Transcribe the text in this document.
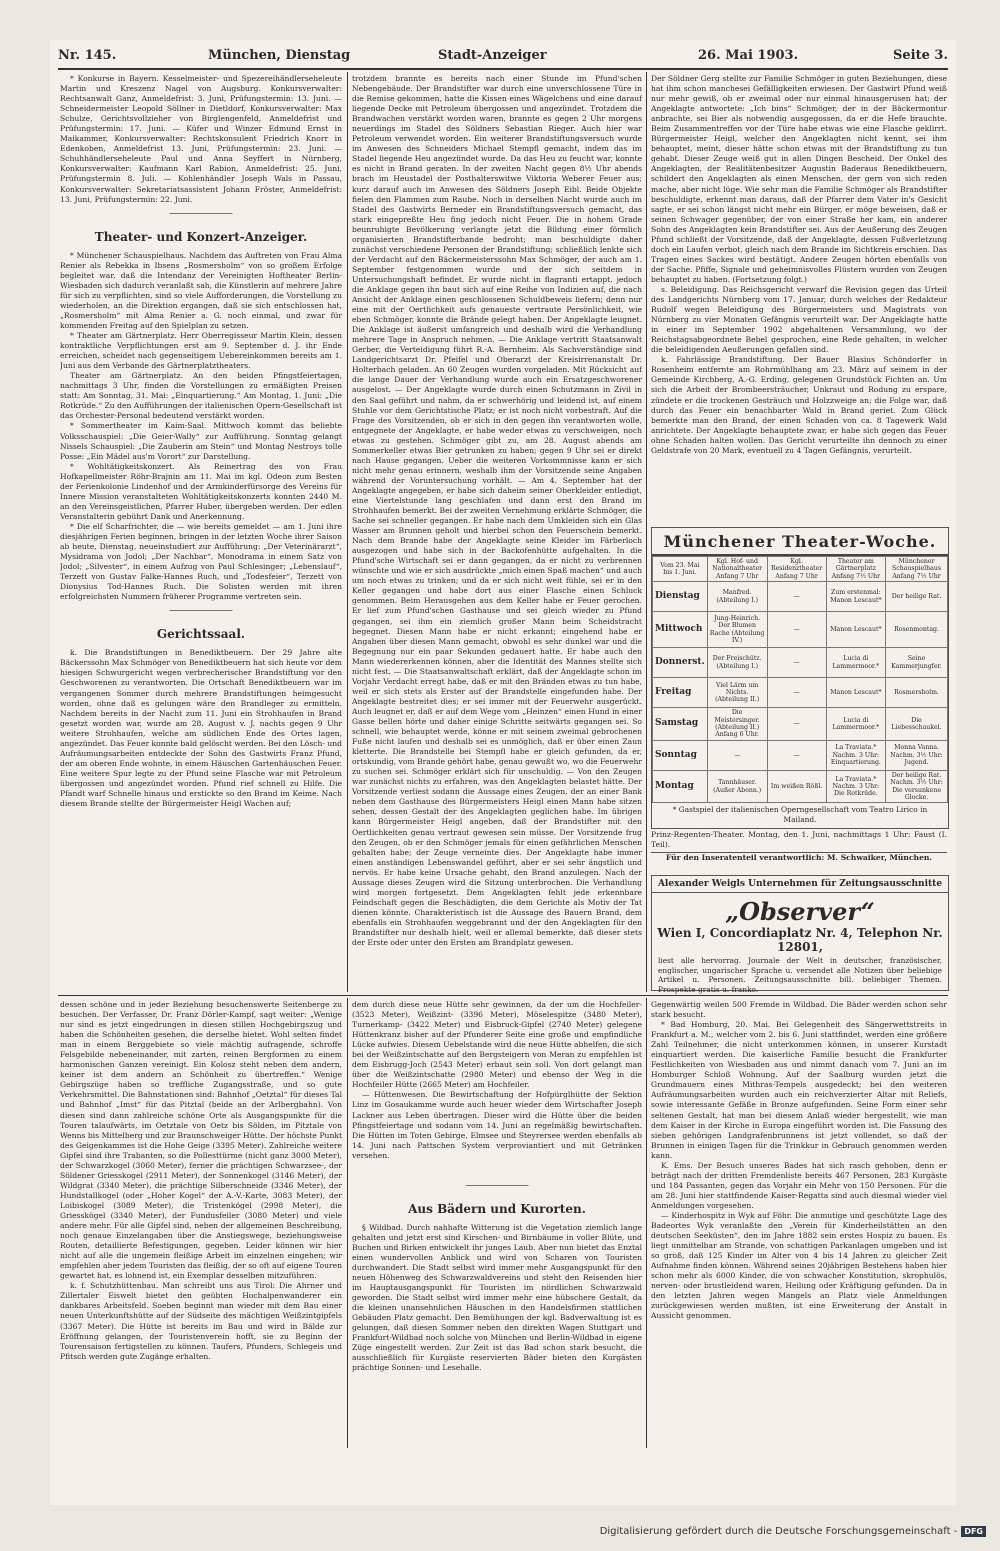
Nr. 145.	München, Dienstag	Stadt-Anzeiger	26. Mai 1903.	Seite 3.

* Konkurse in Bayern. Kesselmeister- und Spezereihändlerseheleute Martin und Kreszenz Nagel von Augsburg. Konkursverwalter: Rechtsanwalt Ganz, Anmeldefrist: 3. Juni, Prüfungstermin: 13. Juni. — Schneidermeister Leopold Söllner in Dietldorf, Konkursverwalter: Max Schulze, Gerichtsvollzieher von Birglengenfeld, Anmeldefrist und Prüfungstermin: 17. Juni. — Küfer und Winzer Edmund Ernst in Maikammer, Konkursverwalter: Rechtskonsulent Friedrich Knorr in Edenkoben, Anmeldefrist 13. Juni, Prüfungstermin: 23. Juni. — Schuhhändlerseheleute Paul und Anna Seyffert in Nürnberg, Konkursverwalter: Kaufmann Karl Rabion, Anmeldefrist: 25. Juni, Prüfungstermin 8. Juli. — Kohlenhändler Joseph Wals in Passau, Konkursverwalter: Sekretariatsassistent Johann Fröster, Anmeldefrist: 13. Juni, Prüfungstermin: 22. Juni.

―――――――

Theater- und Konzert-Anzeiger.

* Münchener Schauspielhaus. Nachdem das Auftreten von Frau Alma Renier als Rebekka in Ibsens „Rosmersholm“ von so großem Erfolge begleitet war, daß die Intendanz der Vereinigten Hoftheater Berlin-Wiesbaden sich dadurch veranlaßt sah, die Künstlerin auf mehrere Jahre für sich zu verpflichten, sind so viele Aufforderungen, die Vorstellung zu wiederholen, an die Direktion ergangen, daß sie sich entschlossen hat, „Rosmersholm“ mit Alma Renier a. G. noch einmal, und zwar für kommenden Freitag auf den Spielplan zu setzen.

* Theater am Gärtnerplatz. Herr Oberregisseur Martin Klein, dessen kontraktliche Verpflichtungen erst am 9. September d. J. ihr Ende erreichen, scheidet nach gegenseitigem Uebereinkommen bereits am 1. Juni aus dem Verbande des Gärtnerplatztheaters.

Theater am Gärtnerplatz. An den beiden Pfingstfeiertagen, nachmittags 3 Uhr, finden die Vorstellungen zu ermäßigten Preisen statt: Am Sonntag, 31. Mai: „Einquartierung.“ Am Montag, 1. Juni: „Die Rotkrüde.“ Zu den Aufführungen der italienischen Opern-Gesellschaft ist das Orchester-Personal bedeutend verstärkt worden.

* Sommertheater im Kaim-Saal. Mittwoch kommt das beliebte Volksschauspiel: „Die Geier-Wally“ zur Aufführung. Sonntag gelangt Nissels Schauspiel: „Die Zauberin am Stein“ und Montag Nestroys tolle Posse: „Ein Mädel aus'm Vorort“ zur Darstellung.

* Wohltätigkeitskonzert. Als Reinertrag des von Frau Hofkapellmeister Röhr-Brajnin am 11. Mai im kgl. Odeon zum Besten der Ferienkolonie Lindenhof und der Armkinderfürsorge des Vereins für Innere Mission veranstalteten Wohltätigkeitskonzerts konnten 2440 M. an den Vereinsgeistlichen, Pfarrer Huber, übergeben werden. Der edlen Veranstalterin gebührt Dank und Anerkennung.

* Die elf Scharfrichter, die — wie bereits gemeldet — am 1. Juni ihre diesjährigen Ferien beginnen, bringen in der letzten Woche ihrer Saison ab heute, Dienstag, neueinstudiert zur Aufführung: „Der Veterinärarzt“, Mysidrama von Jodol; „Der Nachbar“, Monodrama in einem Satz von Jodol; „Silvester“, in einem Aufzug von Paul Schlesinger; „Lebenslauf“, Terzett von Gustav Falke-Hannes Ruch, und „Todesfeier“, Terzett von Dionysius Tod-Hannes Ruch. Die Solisten werden mit ihren erfolgreichsten Nummern früherer Programme vertreten sein.

―――――――

Gerichtssaal.

k. Die Brandstiftungen in Benediktbeuern. Der 29 Jahre alte Bäckerssohn Max Schmöger von Benediktbeuern hat sich heute vor dem hiesigen Schwurgericht wegen verbrecherischer Brandstiftung vor den Geschworenen zu verantworten. Die Ortschaft Benediktbeuern war im vergangenen Sommer durch mehrere Brandstiftungen heimgesucht worden, ohne daß es gelungen wäre den Brandleger zu ermitteln. Nachdem bereits in der Nacht zum 11. Juni ein Strohhaufen in Brand gesetzt worden war, wurde am 28. August v. J. nachts gegen 9 Uhr weitere Strohhaufen, welche am südlichen Ende des Ortes lagen, angezündet. Das Feuer konnte bald gelöscht werden. Bei den Lösch- und Aufräumungsarbeiten entdeckte der Sohn des Gastwirts Franz Pfund, der am oberen Ende wohnte, in einem Häuschen Gartenhäuschen Feuer. Eine weitere Spur legte zu der Pfund seine Flasche war mit Petroleum übergossen und angezündet worden. Pfund rief schnell zu Hilfe. Die Pfandt warf Schnelle hinaus und erstickte so den Brand im Keime. Nach diesem Brande stellte der Bürgermeister Heigl Wachen auf;

trotzdem brannte es bereits nach einer Stunde im Pfund'schen Nebengebäude. Der Brandstifter war durch eine unverschlossene Türe in die Remise gekommen, hatte die Kissen eines Wägelchens und eine darauf liegende Decke mit Petroleum übergossen und angezündet. Trotzdem die Brandwachen verstärkt worden waren, brannte es gegen 2 Uhr morgens neuerdings im Stadel des Söldners Sebastian Rieger. Auch hier war Petroleum verwendet worden. Ein weiterer Brandstiftungsversuch wurde im Anwesen des Schneiders Michael Stempfl gemacht, indem das im Stadel liegende Heu angezündet wurde. Da das Heu zu feucht war, konnte es nicht in Brand geraten. In der zweiten Nacht gegen 8½ Uhr abends brach im Heustadel der Posthalterswitwe Viktoria Weberer Feuer aus; kurz darauf auch im Anwesen des Söldners Joseph Eibl. Beide Objekte fielen den Flammen zum Raube. Noch in derselben Nacht wurde auch im Stadel des Gastwirts Berneder ein Brandstiftungsversuch gemacht, das stark eingepreßte Heu fing jedoch nicht Feuer. Die in hohem Grade beunruhigte Bevölkerung verlangte jetzt die Bildung einer förmlich organisierten Brandstifterbande bedroht; man beschuldigte daher zunächst verschiedene Personen der Brandstiftung; schließlich lenkte sich der Verdacht auf den Bäckermeisterssohn Max Schmöger, der auch am 1. September festgenommen wurde und der sich seitdem in Untersuchungshaft befindet. Er wurde nicht in flagranti ertappt, jedoch die Anklage gegen ihn baut sich auf eine Reihe von Indizien auf, die nach Ansicht der Anklage einen geschlossenen Schuldbeweis liefern; denn nur eine mit der Oertlichkeit aufs genaueste vertraute Persönlichkeit, wie eben Schmöger, konnte die Brände gelegt haben. Der Angeklagte leugnet. Die Anklage ist äußerst umfangreich und deshalb wird die Verhandlung mehrere Tage in Anspruch nehmen. — Die Anklage vertritt Staatsanwalt Gerber, die Verteidigung führt R.-A. Bernheim. Als Sachverständige sind Landgerichtsarzt Dr. Pfeifel und Oberarzt der Kreisirrenanstalt Dr. Holterbach geladen. An 60 Zeugen wurden vorgeladen. Mit Rücksicht auf die lange Dauer der Verhandlung wurde auch ein Ersatzgeschworener ausgelost. — Der Angeklagte wurde durch einen Schutzmann in Zivil in den Saal geführt und nahm, da er schwerhörig und leidend ist, auf einem Stuhle vor dem Gerichtstische Platz; er ist noch nicht vorbestraft. Auf die Frage des Vorsitzenden, ob er sich in den gegen ihn verantworten wolle, entgegnete der Angeklagte, er habe weder etwas zu verschweigen, noch etwas zu gestehen. Schmöger gibt zu, am 28. August abends am Sommerkeller etwas Bier getrunken zu haben; gegen 9 Uhr sei er direkt nach Hause gegangen. Ueber die weiteren Vorkommnisse kann er sich nicht mehr genau erinnern, weshalb ihm der Vorsitzende seine Angaben während der Voruntersuchung vorhält. — Am 4. September hat der Angeklagte angegeben, er habe sich daheim seiner Oberkleider entledigt, eine Viertelstunde lang geschlafen und dann erst den Brand im Strohhaufen bemerkt. Bei der zweiten Vernehmung erklärte Schmöger, die Sache sei schneller gegangen. Er habe nach dem Umkleiden sich ein Glas Wasser am Brunnen geholt und hierbei schon den Feuerschein bemerkt. Nach dem Brande habe der Angeklagte seine Kleider im Färberloch ausgezogen und habe sich in der Backofenhütte aufgehalten. In die Pfund'sche Wirtschaft sei er dann gegangen, da er nicht zu verbrennen wünschte und wie er sich ausdrückte „mich einen Spaß machen“ und auch um noch etwas zu trinken; und da er sich nicht weit fühle, sei er in den Keller gegangen und habe dort aus einer Flasche einen Schluck genommen. Beim Herausgehen aus dem Keller habe er Feuer gerochen. Er lief zum Pfund'schen Gasthause und sei gleich wieder zu Pfund gegangen, sei ihm ein ziemlich großer Mann beim Scheidstracht begegnet. Diesen Mann habe er nicht erkannt; eingehend habe er Angaben über diesen Mann gemacht, obwohl es sehr dunkel war und die Begegnung nur ein paar Sekunden gedauert hatte. Er habe auch den Mann wiedererkennen können, aber die Identität des Mannes stellte sich nicht fest. — Die Staatsanwaltschaft erklärt, daß der Angeklagte schon im Vorjahr Verdacht erregt habe, daß er mit den Bränden etwas zu tun habe, weil er sich stets als Erster auf der Brandstelle eingefunden habe. Der Angeklagte bestreitet dies; er sei immer mit der Feuerwehr ausgerückt. Auch leugnet er, daß er auf dem Wege vom „Heinzen“ einen Hund in einer Gasse bellen hörte und daher einige Schritte seitwärts gegangen sei. So schnell, wie behauptet werde, könne er mit seinem zweimal gebrochenen Fuße nicht laufen und deshalb sei es unmöglich, daß er über einen Zaun kletterte. Die Brandstelle bei Stempfl habe er gleich gefunden, da er, ortskundig, vom Brande gehört habe, genau gewußt wo, wo die Feuerwehr zu suchen sei. Schmöger erklärt sich für unschuldig. — Von den Zeugen war zunächst nichts zu erfahren, was den Angeklagten belastet hätte. Der Vorsitzende verliest sodann die Aussage eines Zeugen, der an einer Bank neben dem Gasthause des Bürgermeisters Heigl einen Mann habe sitzen sehen, dessen Gestalt der des Angeklagten geglichen habe. Im übrigen kann Bürgermeister Heigl angeben, daß der Brandstifter mit den Oertlichkeiten genau vertraut gewesen sein müsse. Der Vorsitzende frug den Zeugen, ob er den Schmöger jemals für einen gefährlichen Menschen gehalten habe; der Zeuge verneinte dies. Der Angeklagte habe immer einen anständigen Lebenswandel geführt, aber er sei sehr ängstlich und nervös. Er habe keine Ursache gehabt, den Brand anzulegen. Nach der Aussage dieses Zeugen wird die Sitzung unterbrochen. Die Verhandlung wird morgen fortgesetzt. Dem Angeklagten fehlt jede erkennbare Feindschaft gegen die Beschädigten, die dem Gerichte als Motiv der Tat dienen könnte. Charakteristisch ist die Aussage des Bauern Brand, dem ebenfalls ein Strohhaufen weggebrannt und der den Angeklagten für den Brandstifter nur deshalb hielt, weil er allemal bemerkte, daß dieser stets der Erste oder unter den Ersten am Brandplatz gewesen.

Der Söldner Gerg stellte zur Familie Schmöger in guten Beziehungen, diese hat ihm schon manchesei Gefälligkeiten erwiesen. Der Gastwirt Pfund weiß nur mehr gewiß, ob er zweimal oder nur einmal hinausgerusen hat; der Angeklagte antwortete: „Ich bins“ Schmöger, der in der Bäckermontur anbrachte, sei Bier als notwendig ausgegossen, da er die Hefe brauchte. Beim Zusammentreffen vor der Türe habe etwas wie eine Flasche geklirrt. Bürgermeister Heigl, welcher den Angeklagten nicht kennt, sei ihm behauptet, meint, dieser hätte schon etwas mit der Brandstiftung zu tun gehabt. Dieser Zeuge weiß gut in allen Dingen Bescheid. Der Onkel des Angeklagten, der Realitätenbesitzer Augustin Baderaus Benediktbeuern, schildert den Angeklagten als einen Menschen, der gern von sich reden mache, aber nicht lüge. Wie sehr man die Familie Schmöger als Brandstifter beschuldigte, erkennt man daraus, daß der Pfarrer dem Vater in's Gesicht sagte, er sei schon längst nicht mehr ein Bürger, er möge beweisen, daß er seinen Schwager gegenüber, der von einer Straße her kam, ein anderer Sohn des Angeklagten kein Brandstifter sei. Aus der Aeußerung des Zeugen Pfund schließt der Vorsitzende, daß der Angeklagte, dessen Fußverletzung doch ein Laufen verbot, gleich nach dem Brande im Sichtkreis erschien. Das Tragen eines Sackes wird bestätigt. Andere Zeugen hörten ebenfalls von der Sache. Pfiffe, Signale und geheimnisvolles Flüstern wurden von Zeugen behauptet zu haben. (Fortsetzung folgt.)

s. Beleidigung. Das Reichsgericht verwarf die Revision gegen das Urteil des Landgerichts Nürnberg vom 17. Januar, durch welches der Redakteur Rudolf wegen Beleidigung des Bürgermeisters und Magistrats von Nürnberg zu vier Monaten Gefängnis verurteilt war. Der Angeklagte hatte in einer im September 1902 abgehaltenen Versammlung, wo der Reichstagsabgeordnete Bebel gesprochen, eine Rede gehalten, in welcher die beleidigenden Aeußerungen gefallen sind.

k. Fahrlässige Brandstiftung. Der Bauer Blasius Schöndorfer in Rosenheim entfernte am Rohrmühlhang am 23. März auf seinem in der Gemeinde Kirchberg, A.-G. Erding, gelegenen Grundstück Fichten an. Um sich die Arbeit der Brombeersträucher, Unkraut und Rodung zu erspare, zündete er die trockenen Gesträuch und Holzzweige an; die Folge war, daß durch das Feuer ein benachbarter Wald in Brand geriet. Zum Glück bemerkte man den Brand, der einen Schaden von ca. 8 Tagewerk Wald anrichtete. Der Angeklagte behauptete zwar, er habe sich gegen das Feuer ohne Schaden halten wollen. Das Gericht verurteilte ihn dennoch zu einer Geldstrafe von 20 Mark, eventuell zu 4 Tagen Gefängnis, verurteilt.

Münchener Theater-Woche.
Vom 23. Mai bis 1. Juni.	Kgl. Hof- und Nationaltheater Anfang 7 Uhr	Kgl. Residenztheater Anfang 7 Uhr	Theater am Gärtnerplatz Anfang 7½ Uhr	Münchener Schauspielhaus Anfang 7½ Uhr
Dienstag	Manfred. (Abteilung I.)	—	Zum erstenmal: Manon Lescaut*	Der heilige Rat.
Mittwoch	Jung-Heinrich. Der Blumen Rache (Abteilung IV.)	—	Manon Lescaut*	Rosenmontag.
Donnerst.	Der Freischütz. (Abteilung I.)	—	Lucia di Lammermoor.*	Seine Kammerjungfer.
Freitag	Viel Lärm um Nichts. (Abteilung II.)	—	Manon Lescaut*	Rosmersholm.
Samstag	Die Meistersinger. (Abteilung II.) Anfang 6 Uhr.	—	Lucia di Lammermoor.*	Die Liebesschaukel.
Sonntag	—	—	La Traviata.* Nachm. 3 Uhr: Einquartierung.	Monna Vanna. Nachm. 3½ Uhr: Jugend.
Montag	Tannhäuser. (Außer Abonn.)	Im weißen Rößl.	La Traviata.* Nachm. 3 Uhr: Die Rotkrüde.	Der heilige Rat. Nachm. 3½ Uhr: Die versunkene Glocke.
* Gastspiel der italienischen Operngesellschaft vom Teatro Lirico in Mailand.

Prinz-Regenten-Theater. Montag, den 1. Juni, nachmittags 1 Uhr: Faust (I. Teil).

Für den Inseratenteil verantwortlich: M. Schwaiker, München.

Alexander Weigls Unternehmen für Zeitungsausschnitte
„Observer“
Wien I, Concordiaplatz Nr. 4, Telephon Nr. 12801,
liest alle hervorrag. Journale der Welt in deutscher, französischer, englischer, ungarischer Sprache u. versendet alle Notizen über beliebige Artikel u. Personen. Zeitungsausschnitte bill. beliebiger Themen. Prospekte gratis u. franko.

dessen schöne und in jeder Beziehung besuchenswerte Seitenberge zu besuchen. Der Verfasser, Dr. Franz Dörler-Kampf, sagt weiter: „Wenige nur sind es jetzt eingedrungen in diesen stillen Hochgebirgszug und haben die Schönheiten gesehen, die derselbe bietet. Wohl selten findet man in einem Berggebiete so viele mächtig aufragende, schroffe Felsgebilde nebeneinander, mit zarten, reinen Bergformen zu einem harmonischen Ganzen vereinigt. Ein Kolosz steht neben dem andern, keiner ist dem andern an Schönheit zu übertreffen.“ Wenige Gebirgszüge haben so treffliche Zugangsstraße, und so gute Verkehrsmittel. Die Bahnstationen sind: Bahnhof „Oetztal“ für dieses Tal und Bahnhof „Imst“ für das Pitztal (beide an der Arlbergbahn). Von diesen sind dann zahlreiche schöne Orte als Ausgangspunkte für die Touren talaufwärts, im Oetztale von Oetz bis Sölden, im Pitztale von Wenns bis Mittelberg und zur Braunschweiger Hütte. Der höchste Punkt des Geigenkammes ist die Hohe Geige (3395 Meter). Zahlreiche weitere Gipfel sind ihre Trabanten, so die Pollesttürme (nicht ganz 3000 Meter), der Schwarzkogel (3060 Meter), ferner die prächtigen Schwarzsee-, der Söldener Griesskogel (2911 Meter), der Sonnenkogel (3146 Meter), der Wildgrat (3340 Meter), die prächtige Silberschneide (3346 Meter), der Hundstallkogel (oder „Hoher Kogel“ der A.-V.-Karte, 3083 Meter), der Loibiskogel (3089 Meter), die Tristenkögel (2998 Meter), die Griesskögel (3340 Meter), der Fundusfeiler (3080 Meter) und viele andere mehr. Für alle Gipfel sind, neben der allgemeinen Beschreibung, noch genaue Einzelangaben über die Anstiegswege, beziehungsweise Routen, detaillierte Befestigungen, gegeben. Leider können wir hier nicht auf alle die ungemein fleißige Arbeit im einzelnen eingehen; wir empfehlen aber jedem Touristen das fleißig, der so oft auf eigene Touren gewartet hat, es lohnend ist, ein Exemplar desselben mitzuführen.

k. f. Schutzhüttenbau. Man schreibt uns aus Tirol: Die Ahrner und Zillertaler Eiswelt bietet den geübten Hochalpenwanderer ein dankbares Arbeitsfeld. Soeben beginnt man wieder mit dem Bau einer neuen Unterkunftshütte auf der Südseite des mächtigen Weißzintgipfels (3367 Meter). Die Hütte ist bereits im Bau und wird in Bälde zur Eröffnung gelangen, der Touristenverein hofft, sie zu Beginn der Tourensaison fertigstellen zu können. Taufers, Pfunders, Schlegeis und Pfitsch werden gute Zugänge erhalten.

dem durch diese neue Hütte sehr gewinnen, da der um die Hochfeiler- (3523 Meter), Weißzint- (3396 Meter), Möselespitze (3480 Meter), Turnerkamp- (3422 Meter) und Eisbruck-Gipfel (2740 Meter) gelegene Hüttenkranz bisher auf der Pfunderer Seite eine große und empfindliche Lücke aufwies. Diesem Uebelstande wird die neue Hütte abhelfen, die sich bei der Weißzintschatte auf den Bergsteigern von Meran zu empfehlen ist dem Eisbrugg-Joch (2543 Meter) erbaut sein soll. Von dort gelangt man über die Weißzintschatte (2980 Meter) und ebenso der Weg in die Hochfeiler Hütte (2665 Meter) am Hochfeiler.

— Hüttenwesen. Die Bewirtschaftung der Hofpürglhütte der Sektion Linz im Gosaukamme wurde auch heuer wieder dem Wirtschafter Joseph Lackner aus Leben übertragen. Dieser wird die Hütte über die beiden Pfingstfeiertage und sodann vom 14. Juni an regelmäßig bewirtschaften. Die Hütten im Toten Gebirge, Elmsee und Steyrersee werden ebenfalls ab 14. Juni nach Pattschen System verproviantiert und mit Getränken versehen.

―――――――

Aus Bädern und Kurorten.

§ Wildbad. Durch nahhafte Witterung ist die Vegetation ziemlich lange gehalten und jetzt erst sind Kirschen- und Birnbäume in voller Blüte, und Buchen und Birken entwickelt ihr junges Laub. Aber nun bietet das Enztal einen wundervollen Anblick und wird von Scharen von Touristen durchwandert. Die Stadt selbst wird immer mehr Ausgangspunkt für den neuen Höhenweg des Schwarzwaldvereins und steht den Reisenden hier im Hauptausgangspunkt für Touristen im nördlichen Schwarzwald geworden. Die Stadt selbst wird immer mehr eine hübschere Gestalt, da die kleinen unansehnlichen Häuschen in den Handelsfirmen stattlichen Gebäuden Platz gemacht. Den Bemühungen der kgl. Badverwaltung ist es gelungen, daß diesen Sommer neben den direkten Wagen Stuttgart und Frankfurt-Wildbad noch solche von München und Berlin-Wildbad in eigene Züge eingestellt werden. Zur Zeit ist das Bad schon stark besucht, die ausschließlich für Kurgäste reservierten Bäder bieten den Kurgästen prächtige Sonnen- und Lesehalle.

Gegenwärtig weilen 500 Fremde in Wildbad. Die Bäder werden schon sehr stark besucht.

* Bad Homburg, 20. Mai. Bei Gelegenheit des Sängerwettstreits in Frankfurt a. M., welcher vom 2. bis 6. Juni stattfindet, werden eine größere Zahl Teilnehmer, die nicht unterkommen können, in unserer Kurstadt einquartiert werden. Die kaiserliche Familie besucht die Frankfurter Festlichkeiten von Wiesbaden aus und nimmt danach vom 7. Juni an im Homburger Schloß Wohnung. Auf der Saalburg wurden jetzt die Grundmauern eines Mithras-Tempels ausgedeckt; bei den weiteren Aufräumungsarbeiten wurden auch ein reichverzierter Altar mit Reliefs, sowie interessante Gefäße in Bronze aufgefunden. Seine Form einer sehr seltenen Gestalt, hat man bei diesem Anlaß wieder hergestellt, wie man dem Kaiser in der Kirche in Europa eingeführt worden ist. Die Fassung des sieben gehörigen Landgrafenbrunnens ist jetzt vollendet, so daß der Brunnen in einigen Tagen für die Trinkkur in Gebrauch genommen werden kann.

K. Ems. Der Besuch unseres Bades hat sich rasch gehoben, denn er beträgt nach der dritten Fremdenliste bereits 467 Personen, 283 Kurgäste und 184 Passanten, gegen das Vorjahr ein Mehr von 150 Personen. Für die am 28. Juni hier stattfindende Kaiser-Regatta sind auch diesmal wieder viel Anmeldungen vorgesehen.

— Kinderhospitz in Wyk auf Föhr. Die anmutige und geschützte Lage des Badeortes Wyk veranlaßte den „Verein für Kinderheilstätten an den deutschen Seeküsten“, den im Jahre 1882 sein erstes Hospiz zu bauen. Es liegt unmittelbar am Strande, von schattigen Parkanlagen umgeben und ist so groß, daß 125 Kinder im Alter von 4 bis 14 Jahren zu gleicher Zeit Aufnahme finden können. Während seines 20jährigen Bestehens haben hier schon mehr als 6000 Kinder, die von schwacher Konstitution, skrophulös, nerven- oder brustleidend waren, Heilung oder Kräftigung gefunden. Da in den letzten Jahren wegen Mangels an Platz viele Anmeldungen zurückgewiesen werden mußten, ist eine Erweiterung der Anstalt in Aussicht genommen.

Digitalisierung gefördert durch die Deutsche Forschungsgemeinschaft - DFG
